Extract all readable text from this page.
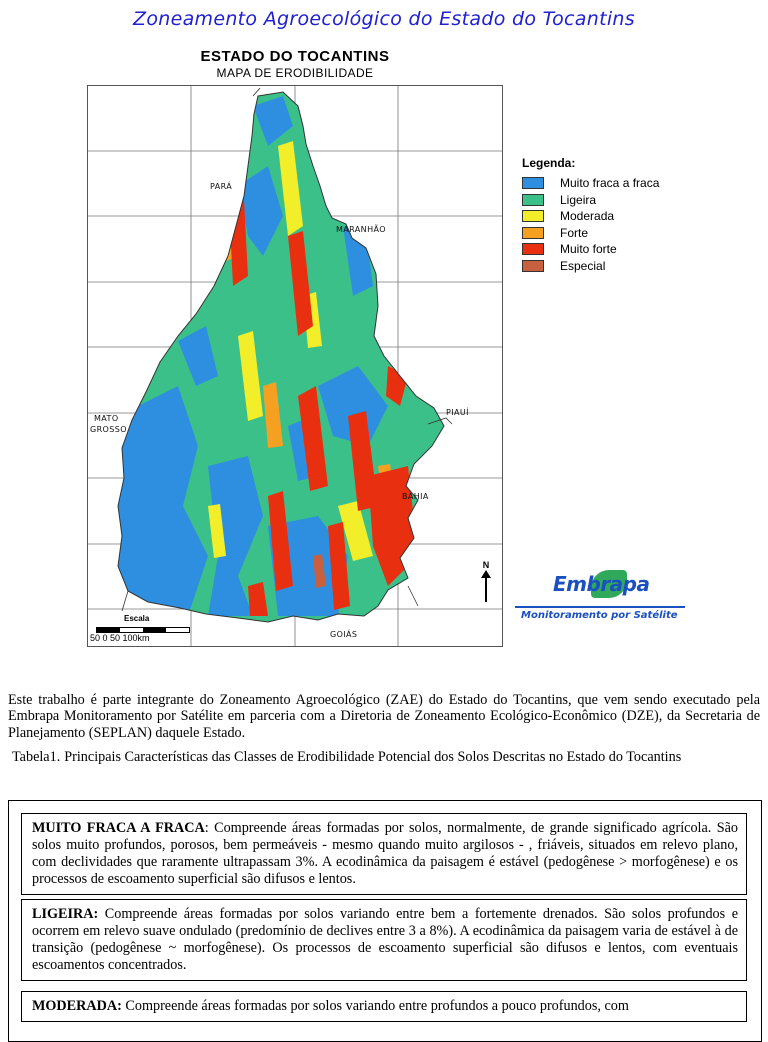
Zoneamento Agroecológico do Estado do Tocantins
ESTADO DO TOCANTINS
MAPA DE ERODIBILIDADE
PARÁ
MARANHÃO
PIAUÍ
MATO
GROSSO
BAHIA
GOIÁS
Escala
50 0 50 100km
N
Legenda:
Muito fraca a fraca
Ligeira
Moderada
Forte
Muito forte
Especial
Embrapa
Monitoramento por Satélite
Este trabalho é parte integrante do Zoneamento Agroecológico (ZAE) do Estado do Tocantins, que vem sendo executado pela Embrapa Monitoramento por Satélite em parceria com a Diretoria de Zoneamento Ecológico-Econômico (DZE), da Secretaria de Planejamento (SEPLAN) daquele Estado.
Tabela1. Principais Características das Classes de Erodibilidade Potencial dos Solos Descritas no Estado do Tocantins
MUITO FRACA A FRACA: Compreende áreas formadas por solos, normalmente, de grande significado agrícola. São solos muito profundos, porosos, bem permeáveis - mesmo quando muito argilosos - , friáveis, situados em relevo plano, com declividades que raramente ultrapassam 3%. A ecodinâmica da paisagem é estável (pedogênese > morfogênese) e os processos de escoamento superficial são difusos e lentos.
LIGEIRA: Compreende áreas formadas por solos variando entre bem a fortemente drenados. São solos profundos e ocorrem em relevo suave ondulado (predomínio de declives entre 3 a 8%). A ecodinâmica da paisagem varia de estável à de transição (pedogênese ~ morfogênese). Os processos de escoamento superficial são difusos e lentos, com eventuais escoamentos concentrados.
MODERADA: Compreende áreas formadas por solos variando entre profundos a pouco profundos, com
